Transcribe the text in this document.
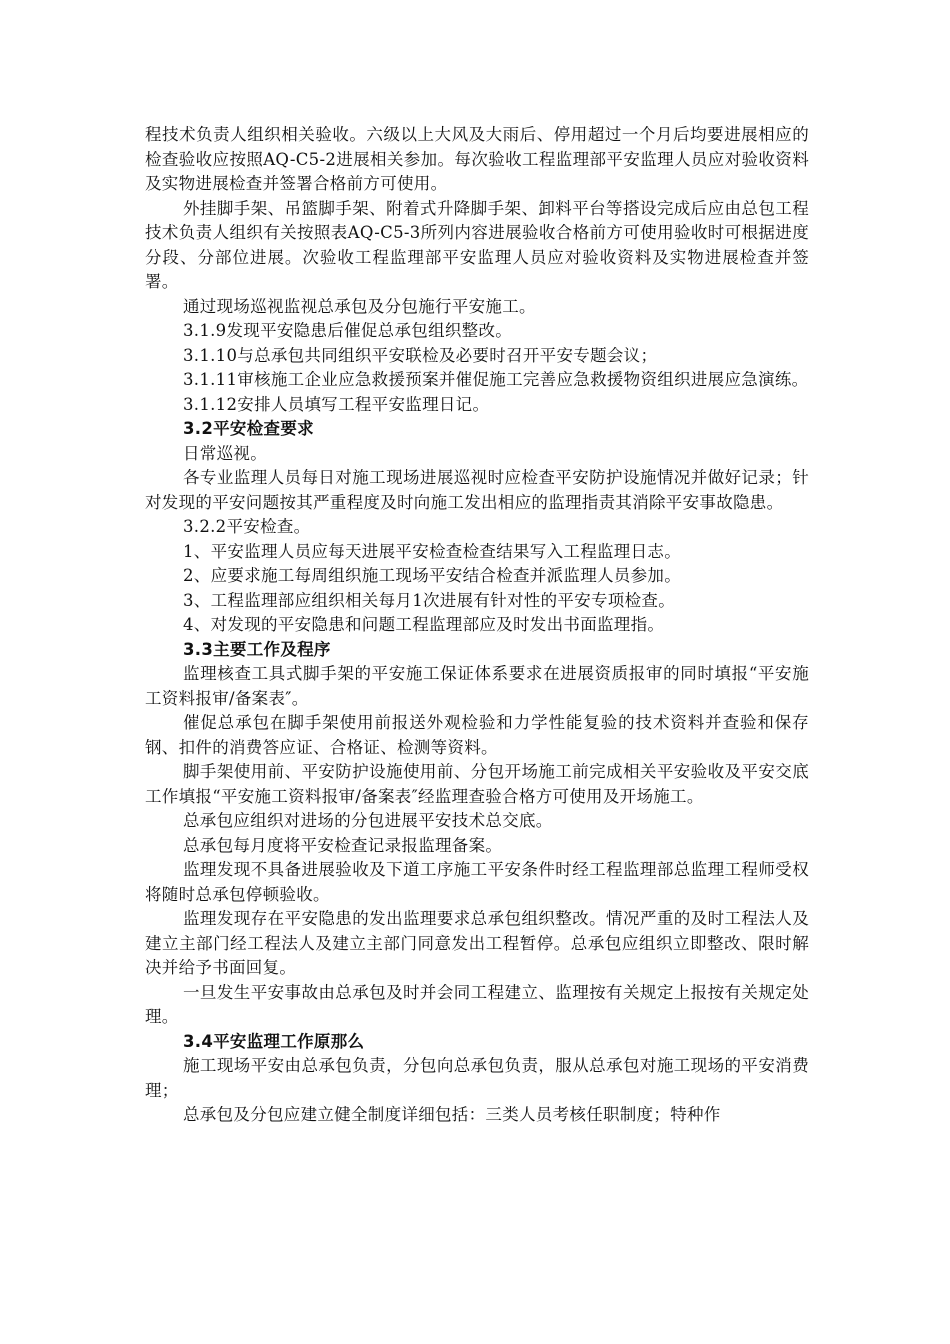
程技术负责人组织相关验收。六级以上大风及大雨后、停用超过一个月后均要进展相应的检查验收应按照AQ-C5-2进展相关参加。每次验收工程监理部平安监理人员应对验收资料及实物进展检查并签署合格前方可使用。

外挂脚手架、吊篮脚手架、附着式升降脚手架、卸料平台等搭设完成后应由总包工程技术负责人组织有关按照表AQ-C5-3所列内容进展验收合格前方可使用验收时可根据进度分段、分部位进展。次验收工程监理部平安监理人员应对验收资料及实物进展检查并签署。

通过现场巡视监视总承包及分包施行平安施工。

3.1.9发现平安隐患后催促总承包组织整改。

3.1.10与总承包共同组织平安联检及必要时召开平安专题会议；

3.1.11审核施工企业应急救援预案并催促施工完善应急救援物资组织进展应急演练。

3.1.12安排人员填写工程平安监理日记。

3.2平安检查要求

日常巡视。

各专业监理人员每日对施工现场进展巡视时应检查平安防护设施情况并做好记录；针对发现的平安问题按其严重程度及时向施工发出相应的监理指责其消除平安事故隐患。

3.2.2平安检查。

1、平安监理人员应每天进展平安检查检查结果写入工程监理日志。

2、应要求施工每周组织施工现场平安结合检查并派监理人员参加。

3、工程监理部应组织相关每月1次进展有针对性的平安专项检查。

4、对发现的平安隐患和问题工程监理部应及时发出书面监理指。

3.3主要工作及程序

监理核查工具式脚手架的平安施工保证体系要求在进展资质报审的同时填报“平安施工资料报审/备案表″。

催促总承包在脚手架使用前报送外观检验和力学性能复验的技术资料并查验和保存钢、扣件的消费答应证、合格证、检测等资料。

脚手架使用前、平安防护设施使用前、分包开场施工前完成相关平安验收及平安交底工作填报“平安施工资料报审/备案表″经监理查验合格方可使用及开场施工。

总承包应组织对进场的分包进展平安技术总交底。

总承包每月度将平安检查记录报监理备案。

监理发现不具备进展验收及下道工序施工平安条件时经工程监理部总监理工程师受权将随时总承包停顿验收。

监理发现存在平安隐患的发出监理要求总承包组织整改。情况严重的及时工程法人及建立主部门经工程法人及建立主部门同意发出工程暂停。总承包应组织立即整改、限时解决并给予书面回复。

一旦发生平安事故由总承包及时并会同工程建立、监理按有关规定上报按有关规定处理。

3.4平安监理工作原那么

施工现场平安由总承包负责，分包向总承包负责，服从总承包对施工现场的平安消费理；

总承包及分包应建立健全制度详细包括：三类人员考核任职制度；特种作
